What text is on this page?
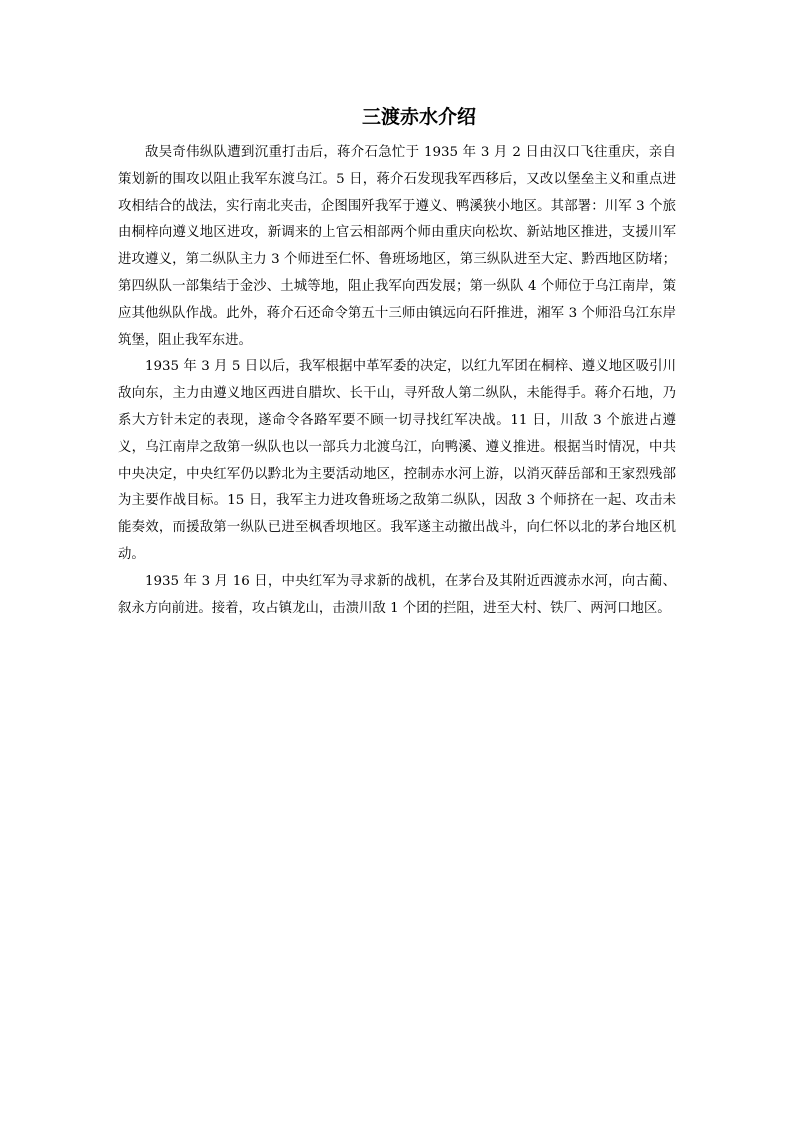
三渡赤水介绍

敌吴奇伟纵队遭到沉重打击后，蒋介石急忙于 1935 年 3 月 2 日由汉口飞往重庆，亲自策划新的围攻以阻止我军东渡乌江。5 日，蒋介石发现我军西移后，又改以堡垒主义和重点进攻相结合的战法，实行南北夹击，企图围歼我军于遵义、鸭溪狭小地区。其部署：川军 3 个旅由桐梓向遵义地区进攻，新调来的上官云相部两个师由重庆向松坎、新站地区推进，支援川军进攻遵义，第二纵队主力 3 个师进至仁怀、鲁班场地区，第三纵队进至大定、黔西地区防堵；第四纵队一部集结于金沙、土城等地，阻止我军向西发展；第一纵队 4 个师位于乌江南岸，策应其他纵队作战。此外，蒋介石还命令第五十三师由镇远向石阡推进，湘军 3 个师沿乌江东岸筑堡，阻止我军东进。

1935 年 3 月 5 日以后，我军根据中革军委的决定，以红九军团在桐梓、遵义地区吸引川敌向东，主力由遵义地区西进自腊坎、长干山，寻歼敌人第二纵队，未能得手。蒋介石地，乃系大方针未定的表现，遂命令各路军要不顾一切寻找红军决战。11 日，川敌 3 个旅进占遵义，乌江南岸之敌第一纵队也以一部兵力北渡乌江，向鸭溪、遵义推进。根据当时情况，中共中央决定，中央红军仍以黔北为主要活动地区，控制赤水河上游，以消灭薛岳部和王家烈残部为主要作战目标。15 日，我军主力进攻鲁班场之敌第二纵队，因敌 3 个师挤在一起、攻击未能奏效，而援敌第一纵队已进至枫香坝地区。我军遂主动撤出战斗，向仁怀以北的茅台地区机动。

1935 年 3 月 16 日，中央红军为寻求新的战机，在茅台及其附近西渡赤水河，向古蔺、叙永方向前进。接着，攻占镇龙山，击溃川敌 1 个团的拦阻，进至大村、铁厂、两河口地区。
